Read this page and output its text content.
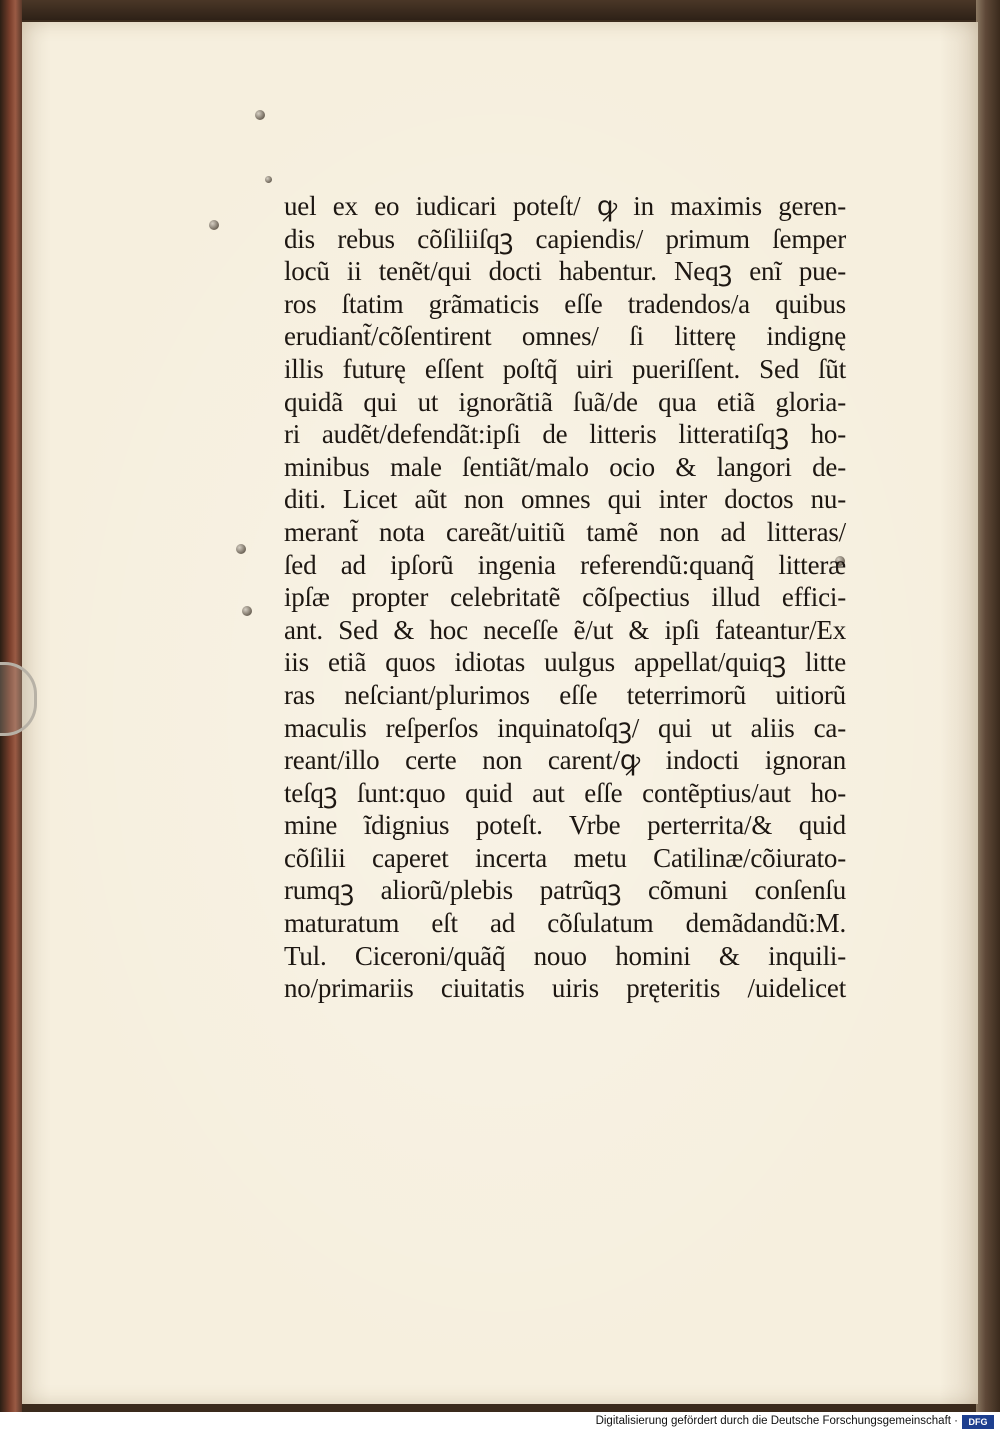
uel ex eo iudicari poteſt/ ꝙ in maximis geren-
dis rebus cõſiliiſqꝫ capiendis/ primum ſemper
locũ ii tenẽt/qui docti habentur. Neqꝫ enĩ pue-
ros ſtatim grãmaticis eſſe tradendos/a quibus
erudiant̃/cõſentirent omnes/ ſi litterę indignę
illis futurę eſſent poſtq̃ uiri pueriſſent. Sed ſũt
quidã qui ut ignorãtiã ſuã/de qua etiã gloria-
ri audẽt/defendãt:ipſi de litteris litteratiſqꝫ ho-
minibus male ſentiãt/malo ocio & langori de-
diti. Licet aũt non omnes qui inter doctos nu-
merant̃ nota careãt/uitiũ tamẽ non ad litteras/
ſed ad ipſorũ ingenia referendũ:quanq̃ litteræ
ipſæ propter celebritatẽ cõſpectius illud effici-
ant. Sed & hoc neceſſe ẽ/ut & ipſi fateantur/Ex
iis etiã quos idiotas uulgus appellat/quiqꝫ litte
ras neſciant/plurimos eſſe teterrimorũ uitiorũ
maculis reſperſos inquinatoſqꝫ/ qui ut aliis ca-
reant/illo certe non carent/ꝙ indocti ignoran
teſqꝫ ſunt:quo quid aut eſſe contẽptius/aut ho-
mine ĩdignius poteſt. Vrbe perterrita/& quid
cõſilii caperet incerta metu Catilinæ/cõiurato-
rumqꝫ aliorũ/plebis patrũqꝫ cõmuni conſenſu
maturatum eſt ad cõſulatum demãdandũ:M.
Tul. Ciceroni/quãq̃ nouo homini & inquili-
no/primariis ciuitatis uiris pręteritis /uidelicet
Digitalisierung gefördert durch die Deutsche Forschungsgemeinschaft ·	DFG
